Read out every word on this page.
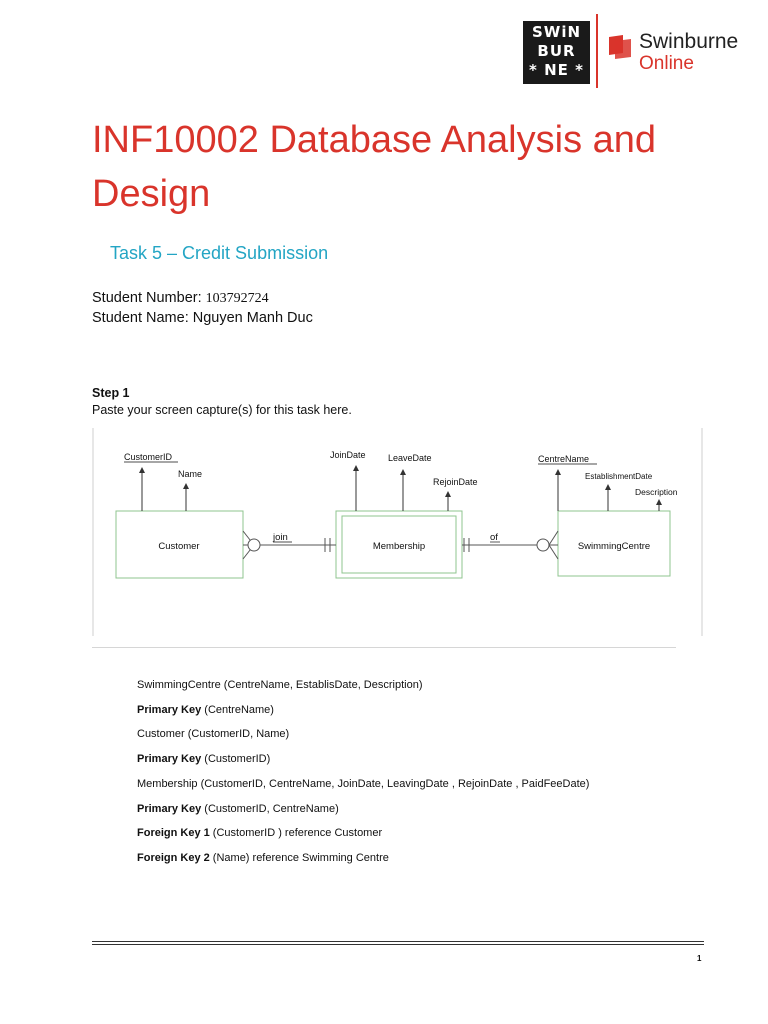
SWiN
BUR
* NE *
Swinburne
Online
INF10002 Database Analysis and Design
Task 5 – Credit Submission
Student Number: 103792724
Student Name: Nguyen Manh Duc
Step 1
Paste your screen capture(s) for this task here.
Customer	Membership	SwimmingCentre
join	of
CustomerID
Name
JoinDate LeaveDate
RejoinDate
CentreName
EstablishmentDate
Description
SwimmingCentre (CentreName, EstablisDate, Description)
Primary Key (CentreName)
Customer (CustomerID, Name)
Primary Key (CustomerID)
Membership (CustomerID, CentreName, JoinDate, LeavingDate , RejoinDate , PaidFeeDate)
Primary Key (CustomerID, CentreName)
Foreign Key 1 (CustomerID ) reference Customer
Foreign Key 2 (Name) reference Swimming Centre
1
